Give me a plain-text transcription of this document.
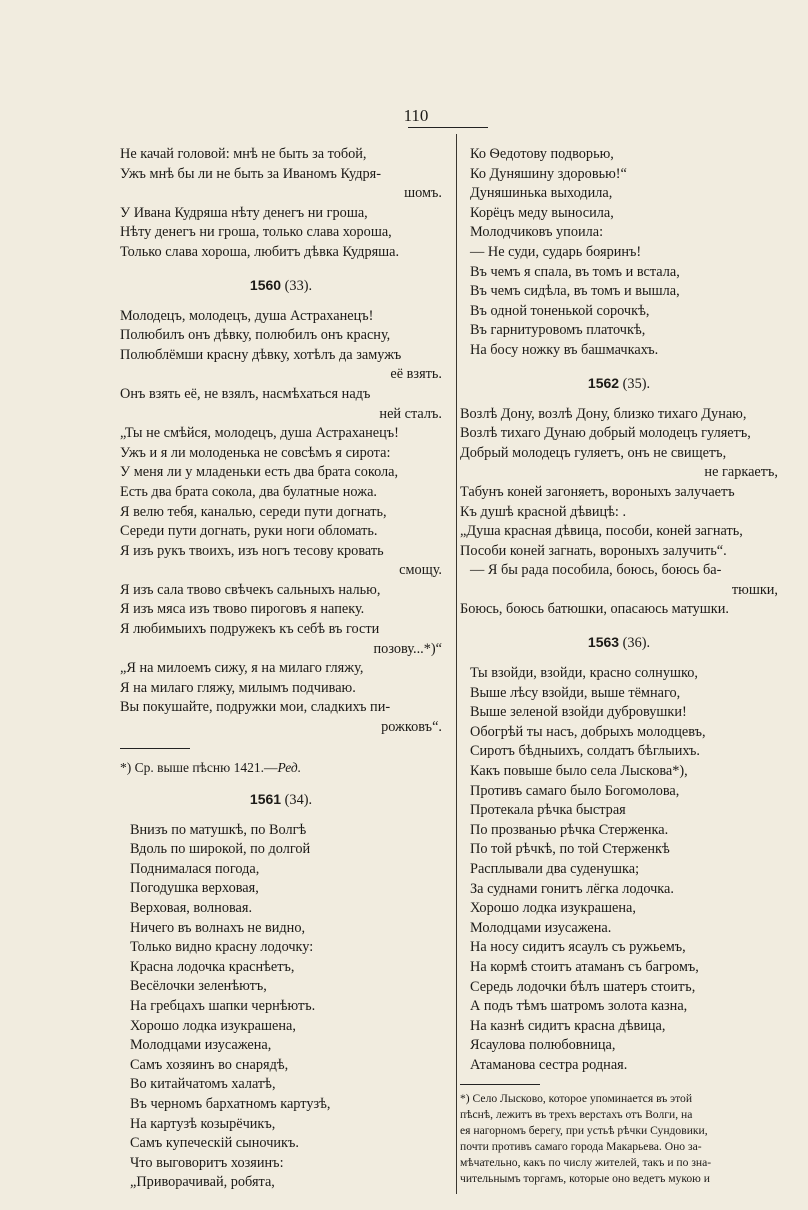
110
Не качай головой: мнѣ не быть за тобой,
Ужъ мнѣ бы ли не быть за Иваномъ Кудря-
шомъ.
У Ивана Кудряша нѣту денегъ ни гроша,
Нѣту денегъ ни гроша, только слава хороша,
Только слава хороша, любитъ дѣвка Кудряша.
1560 (33).
Молодецъ, молодецъ, душа Астраханецъ!
Полюбилъ онъ дѣвку, полюбилъ онъ красну,
Полюблёмши красну дѣвку, хотѣлъ да замужъ
её взять.
Онъ взять её, не взялъ, насмѣхаться надъ
ней сталъ.
„Ты не смѣйся, молодецъ, душа Астраханецъ!
Ужъ и я ли молоденька не совсѣмъ я сирота:
У меня ли у младеньки есть два брата сокола,
Есть два брата сокола, два булатные ножа.
Я велю тебя, каналью, середи пути догнать,
Середи пути догнать, руки ноги обломать.
Я изъ рукъ твоихъ, изъ ногъ тесову кровать
смощу.
Я изъ сала твово свѣчекъ сальныхъ налью,
Я изъ мяса изъ твово пироговъ я напеку.
Я любимыихъ подружекъ къ себѣ въ гости
позову...*)“
„Я на милоемъ сижу, я на милаго гляжу,
Я на милаго гляжу, милымъ подчиваю.
Вы покушайте, подружки мои, сладкихъ пи-
рожковъ“.
*) Ср. выше пѣсню 1421.—Ред.
1561 (34).
Внизъ по матушкѣ, по Волгѣ
Вдоль по широкой, по долгой
Поднималася погода,
Погодушка верховая,
Верховая, волновая.
Ничего въ волнахъ не видно,
Только видно красну лодочку:
Красна лодочка краснѣетъ,
Весёлочки зеленѣютъ,
На гребцахъ шапки чернѣютъ.
Хорошо лодка изукрашена,
Молодцами изусажена,
Самъ хозяинъ во снарядѣ,
Во китайчатомъ халатѣ,
Въ черномъ бархатномъ картузѣ,
На картузѣ козырёчикъ,
Самъ купеческій сыночикъ.
Что выговоритъ хозяинъ:
„Приворачивай, робята,
Ко Ѳедотову подворью,
Ко Дуняшину здоровью!“
Дуняшинька выходила,
Корёцъ меду выносила,
Молодчиковъ упоила:
— Не суди, сударь бояринъ!
Въ чемъ я спала, въ томъ и встала,
Въ чемъ сидѣла, въ томъ и вышла,
Въ одной тоненькой сорочкѣ,
Въ гарнитуровомъ платочкѣ,
На босу ножку въ башмачкахъ.
1562 (35).
Возлѣ Дону, возлѣ Дону, близко тихаго Дунаю,
Возлѣ тихаго Дунаю добрый молодецъ гуляетъ,
Добрый молодецъ гуляетъ, онъ не свищетъ,
не гаркаетъ,
Табунъ коней загоняетъ, вороныхъ залучаетъ
Къ душѣ красной дѣвицѣ: .
„Душа красная дѣвица, пособи, коней загнать,
Пособи коней загнать, вороныхъ залучить“.
— Я бы рада пособила, боюсь, боюсь ба-
тюшки,
Боюсь, боюсь батюшки, опасаюсь матушки.
1563 (36).
Ты взойди, взойди, красно солнушко,
Выше лѣсу взойди, выше тёмнаго,
Выше зеленой взойди дубровушки!
Обогрѣй ты насъ, добрыхъ молодцевъ,
Сиротъ бѣдныихъ, солдатъ бѣглыихъ.
Какъ повыше было села Лыскова*),
Противъ самаго было Богомолова,
Протекала рѣчка быстрая
По прозванью рѣчка Стерженка.
По той рѣчкѣ, по той Стерженкѣ
Расплывали два суденушка;
За суднами гонитъ лёгка лодочка.
Хорошо лодка изукрашена,
Молодцами изусажена.
На носу сидитъ ясаулъ съ ружьемъ,
На кормѣ стоитъ атаманъ съ багромъ,
Середь лодочки бѣлъ шатеръ стоитъ,
А подъ тѣмъ шатромъ золота казна,
На казнѣ сидитъ красна дѣвица,
Ясаулова полюбовница,
Атаманова сестра родная.
*) Село Лысково, которое упоминается въ этой
пѣснѣ, лежитъ въ трехъ верстахъ отъ Волги, на
ея нагорномъ берегу, при устьѣ рѣчки Сундовики,
почти противъ самаго города Макарьева. Оно за-
мѣчательно, какъ по числу жителей, такъ и по зна-
чительнымъ торгамъ, которые оно ведетъ мукою и
